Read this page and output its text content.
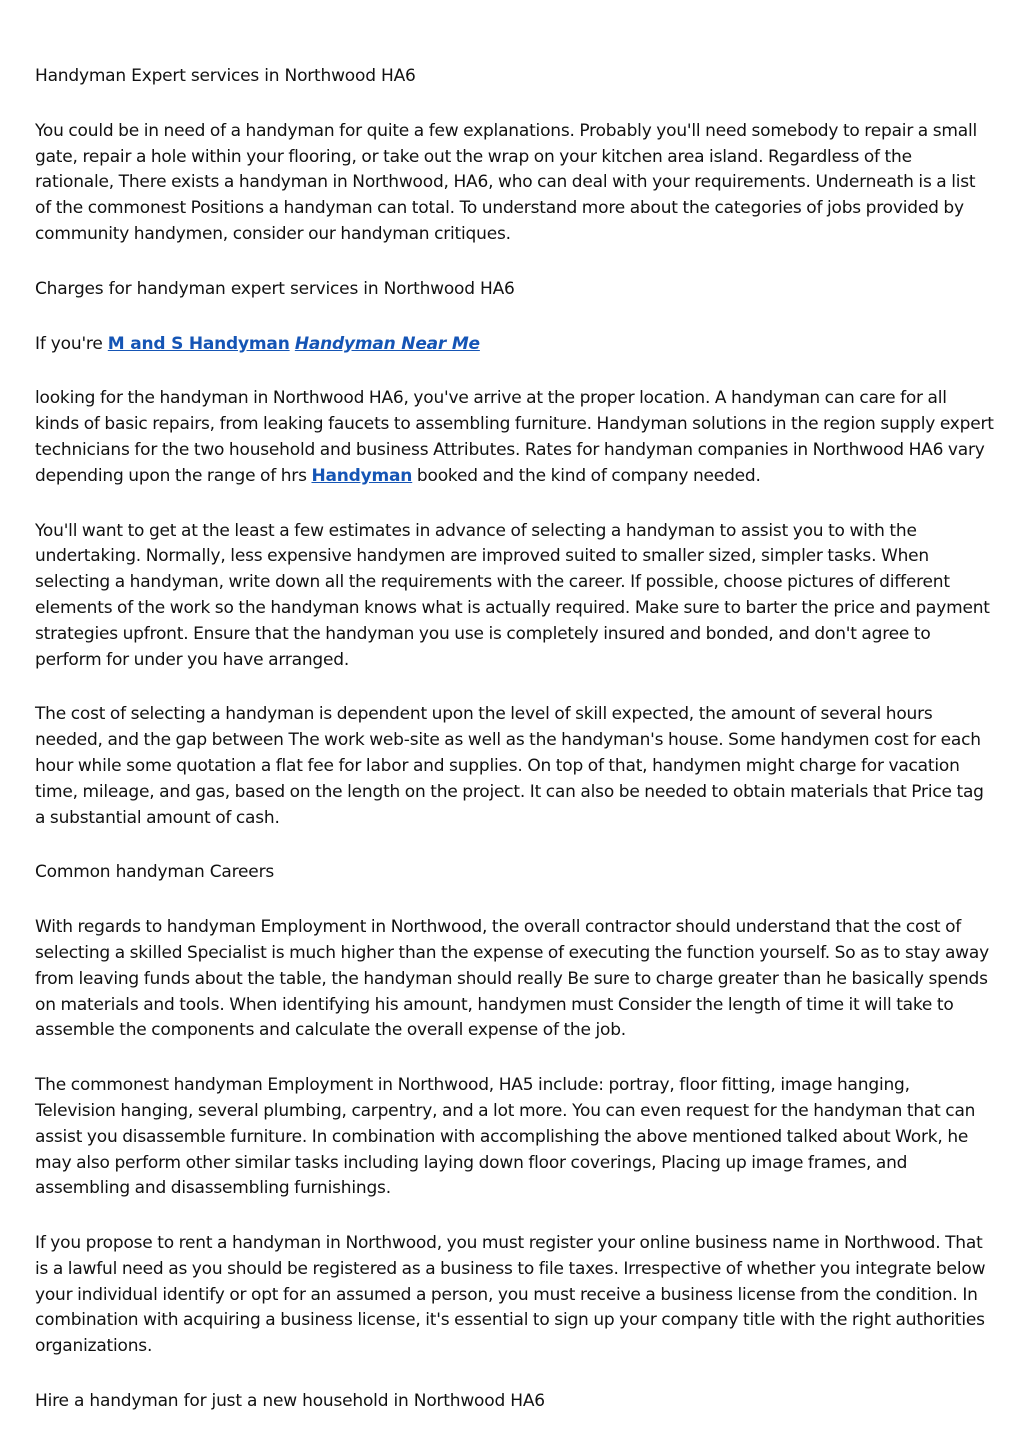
Handyman Expert services in Northwood HA6

You could be in need of a handyman for quite a few explanations. Probably you'll need somebody to repair a small gate, repair a hole within your flooring, or take out the wrap on your kitchen area island. Regardless of the rationale, There exists a handyman in Northwood, HA6, who can deal with your requirements. Underneath is a list of the commonest Positions a handyman can total. To understand more about the categories of jobs provided by community handymen, consider our handyman critiques.

Charges for handyman expert services in Northwood HA6

If you're M and S Handyman Handyman Near Me

looking for the handyman in Northwood HA6, you've arrive at the proper location. A handyman can care for all kinds of basic repairs, from leaking faucets to assembling furniture. Handyman solutions in the region supply expert technicians for the two household and business Attributes. Rates for handyman companies in Northwood HA6 vary depending upon the range of hrs Handyman booked and the kind of company needed.

You'll want to get at the least a few estimates in advance of selecting a handyman to assist you to with the undertaking. Normally, less expensive handymen are improved suited to smaller sized, simpler tasks. When selecting a handyman, write down all the requirements with the career. If possible, choose pictures of different elements of the work so the handyman knows what is actually required. Make sure to barter the price and payment strategies upfront. Ensure that the handyman you use is completely insured and bonded, and don't agree to perform for under you have arranged.

The cost of selecting a handyman is dependent upon the level of skill expected, the amount of several hours needed, and the gap between The work web-site as well as the handyman's house. Some handymen cost for each hour while some quotation a flat fee for labor and supplies. On top of that, handymen might charge for vacation time, mileage, and gas, based on the length on the project. It can also be needed to obtain materials that Price tag a substantial amount of cash.

Common handyman Careers

With regards to handyman Employment in Northwood, the overall contractor should understand that the cost of selecting a skilled Specialist is much higher than the expense of executing the function yourself. So as to stay away from leaving funds about the table, the handyman should really Be sure to charge greater than he basically spends on materials and tools. When identifying his amount, handymen must Consider the length of time it will take to assemble the components and calculate the overall expense of the job.

The commonest handyman Employment in Northwood, HA5 include: portray, floor fitting, image hanging, Television hanging, several plumbing, carpentry, and a lot more. You can even request for the handyman that can assist you disassemble furniture. In combination with accomplishing the above mentioned talked about Work, he may also perform other similar tasks including laying down floor coverings, Placing up image frames, and assembling and disassembling furnishings.

If you propose to rent a handyman in Northwood, you must register your online business name in Northwood. That is a lawful need as you should be registered as a business to file taxes. Irrespective of whether you integrate below your individual identify or opt for an assumed a person, you must receive a business license from the condition. In combination with acquiring a business license, it's essential to sign up your company title with the right authorities organizations.

Hire a handyman for just a new household in Northwood HA6
